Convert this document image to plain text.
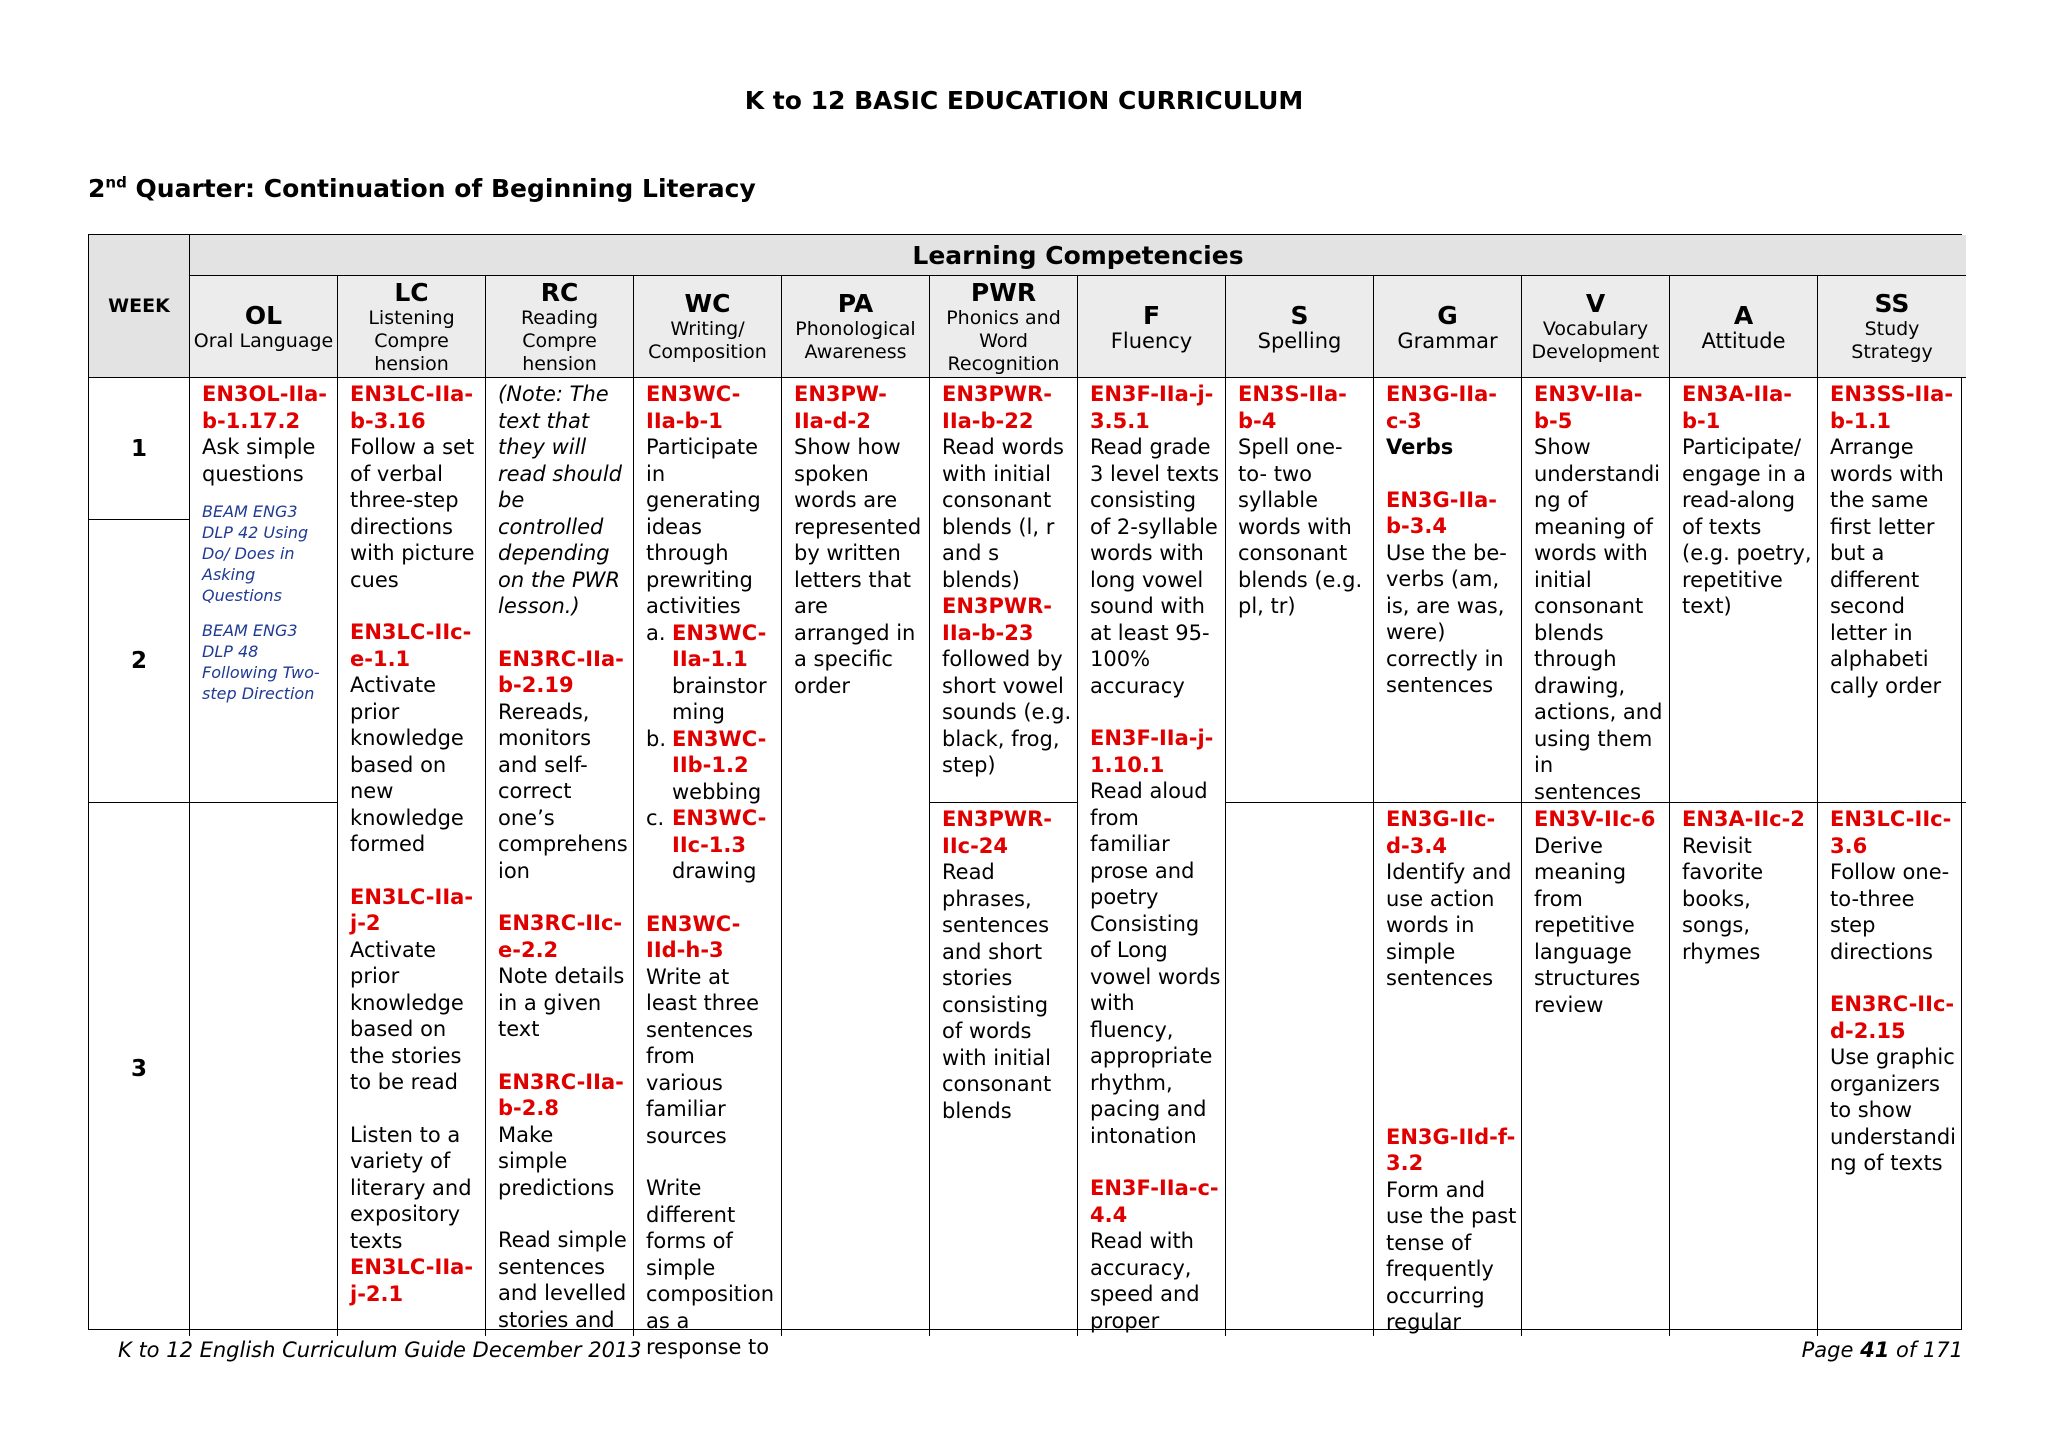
K to 12 BASIC EDUCATION CURRICULUM
2nd Quarter: Continuation of Beginning Literacy
WEEK
Learning Competencies
OL
Oral Language
LC
Listening Compre hension
RC
Reading Compre hension
WC
Writing/ Composition
PA
Phonological Awareness
PWR
Phonics and Word Recognition
F
Fluency
S
Spelling
G
Grammar
V
Vocabulary Development
A
Attitude
SS
Study Strategy
1
2
3
EN3OL-IIa-b-1.17.2
Ask simple questions

BEAM ENG3 DLP 42 Using Do/ Does in Asking Questions

BEAM ENG3 DLP 48 Following Two-step Direction

EN3LC-IIa-b-3.16
Follow a set of verbal three-step directions with picture cues
EN3LC-IIc-e-1.1
Activate prior knowledge based on new knowledge formed
EN3LC-IIa-j-2
Activate prior knowledge based on the stories to be read
Listen to a variety of literary and expository texts
EN3LC-IIa-j-2.1
(Note: The text that they will read should be controlled depending on the PWR lesson.)
EN3RC-IIa-b-2.19
Rereads, monitors and self-correct one’s comprehens ion
EN3RC-IIc-e-2.2
Note details in a given text
EN3RC-IIa-b-2.8
Make simple predictions
Read simple sentences and levelled stories and
EN3WC-IIa-b-1
Participate in generating ideas through prewriting activities
a. EN3WC-IIa-1.1
brainstor ming
b. EN3WC-IIb-1.2
webbing
c. EN3WC-IIc-1.3
drawing
EN3WC-IId-h-3
Write at least three sentences from various familiar sources
Write different forms of simple composition as a response to
EN3PW-IIa-d-2
Show how spoken words are represented by written letters that are arranged in a specific order
EN3PWR-IIa-b-22
Read words with initial consonant blends (l, r and s blends)
EN3PWR-IIa-b-23
followed by short vowel sounds (e.g. black, frog, step)
EN3PWR-IIc-24
Read phrases, sentences and short stories consisting of words with initial consonant blends
EN3F-IIa-j-3.5.1
Read grade 3 level texts consisting of 2-syllable words with long vowel sound with at least 95-100% accuracy
EN3F-IIa-j-1.10.1
Read aloud from familiar prose and poetry Consisting of Long vowel words with fluency, appropriate rhythm, pacing and intonation
EN3F-IIa-c-4.4
Read with accuracy, speed and proper
EN3S-IIa-b-4
Spell one-to- two syllable words with consonant blends (e.g. pl, tr)
EN3G-IIa-c-3
Verbs
EN3G-IIa-b-3.4
Use the be-verbs (am, is, are was, were) correctly in sentences
EN3G-IIc-d-3.4
Identify and use action words in simple sentences
EN3G-IId-f-3.2
Form and use the past tense of frequently occurring regular
EN3V-IIa-b-5
Show understandi ng of meaning of words with initial consonant blends through drawing, actions, and using them in sentences
EN3V-IIc-6
Derive meaning from repetitive language structures review
EN3A-IIa-b-1
Participate/ engage in a read-along of texts (e.g. poetry, repetitive text)
EN3A-IIc-2
Revisit favorite books, songs, rhymes
EN3SS-IIa-b-1.1
Arrange words with the same first letter but a different second letter in alphabeti cally order
EN3LC-IIc-3.6
Follow one-to-three step directions
EN3RC-IIc-d-2.15
Use graphic organizers to show understandi ng of texts
K to 12 English Curriculum Guide December 2013	Page 41 of 171
